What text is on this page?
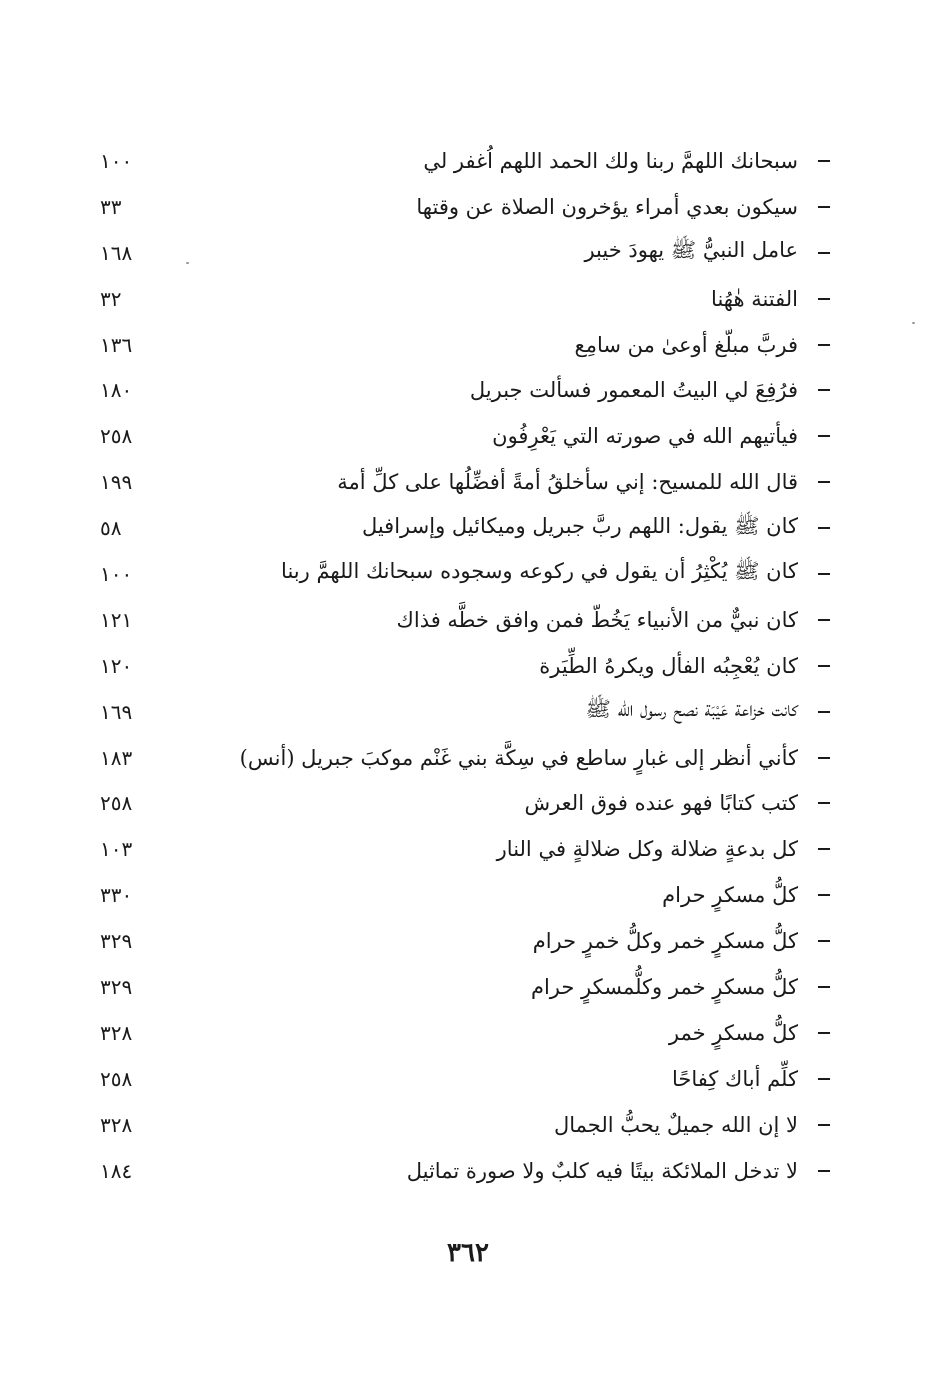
سبحانك اللهمَّ ربنا ولك الحمد اللهم اُغفر لي
١٠٠
سيكون بعدي أمراء يؤخرون الصلاة عن وقتها
٣٣
عامل النبيُّ ﷺ يهودَ خيبر
١٦٨
الفتنة هٰهُنا
٣٢
فربَّ مبلّغ أوعىٰ من سامِع
١٣٦
فرُفِعَ لي البيتُ المعمور فسألت جبريل
١٨٠
فيأتيهم الله في صورته التي يَعْرِفُون
٢٥٨
قال الله للمسيح: إني سأخلقُ أمةً أفضِّلُها على كلِّ أمة
١٩٩
كان ﷺ يقول: اللهم ربَّ جبريل وميكائيل وإسرافيل
٥٨
كان ﷺ يُكْثِرُ أن يقول في ركوعه وسجوده سبحانك اللهمَّ ربنا
١٠٠
كان نبيٌّ من الأنبياء يَخُطّ فمن وافق خطَّه فذاك
١٢١
كان يُعْجِبُه الفأل ويكرهُ الطِّيَرة
١٢٠
كانت خزاعة عَيْبَة نصح رسول الله ﷺ
١٦٩
كأني أنظر إلى غبارٍ ساطع في سِكَّة بني غَنْم موكبَ جبريل (أنس)
١٨٣
كتب كتابًا فهو عنده فوق العرش
٢٥٨
كل بدعةٍ ضلالة وكل ضلالةٍ في النار
١٠٣
كلُّ مسكرٍ حرام
٣٣٠
كلُّ مسكرٍ خمر وكلُّ خمرٍ حرام
٣٢٩
كلُّ مسكرٍ خمر وكلُّمسكرٍ حرام
٣٢٩
كلُّ مسكرٍ خمر
٣٢٨
كلِّم أباك كِفاحًا
٢٥٨
لا إن الله جميلٌ يحبُّ الجمال
٣٢٨
لا تدخل الملائكة بيتًا فيه كلبٌ ولا صورة تماثيل
١٨٤
٣٦٢
